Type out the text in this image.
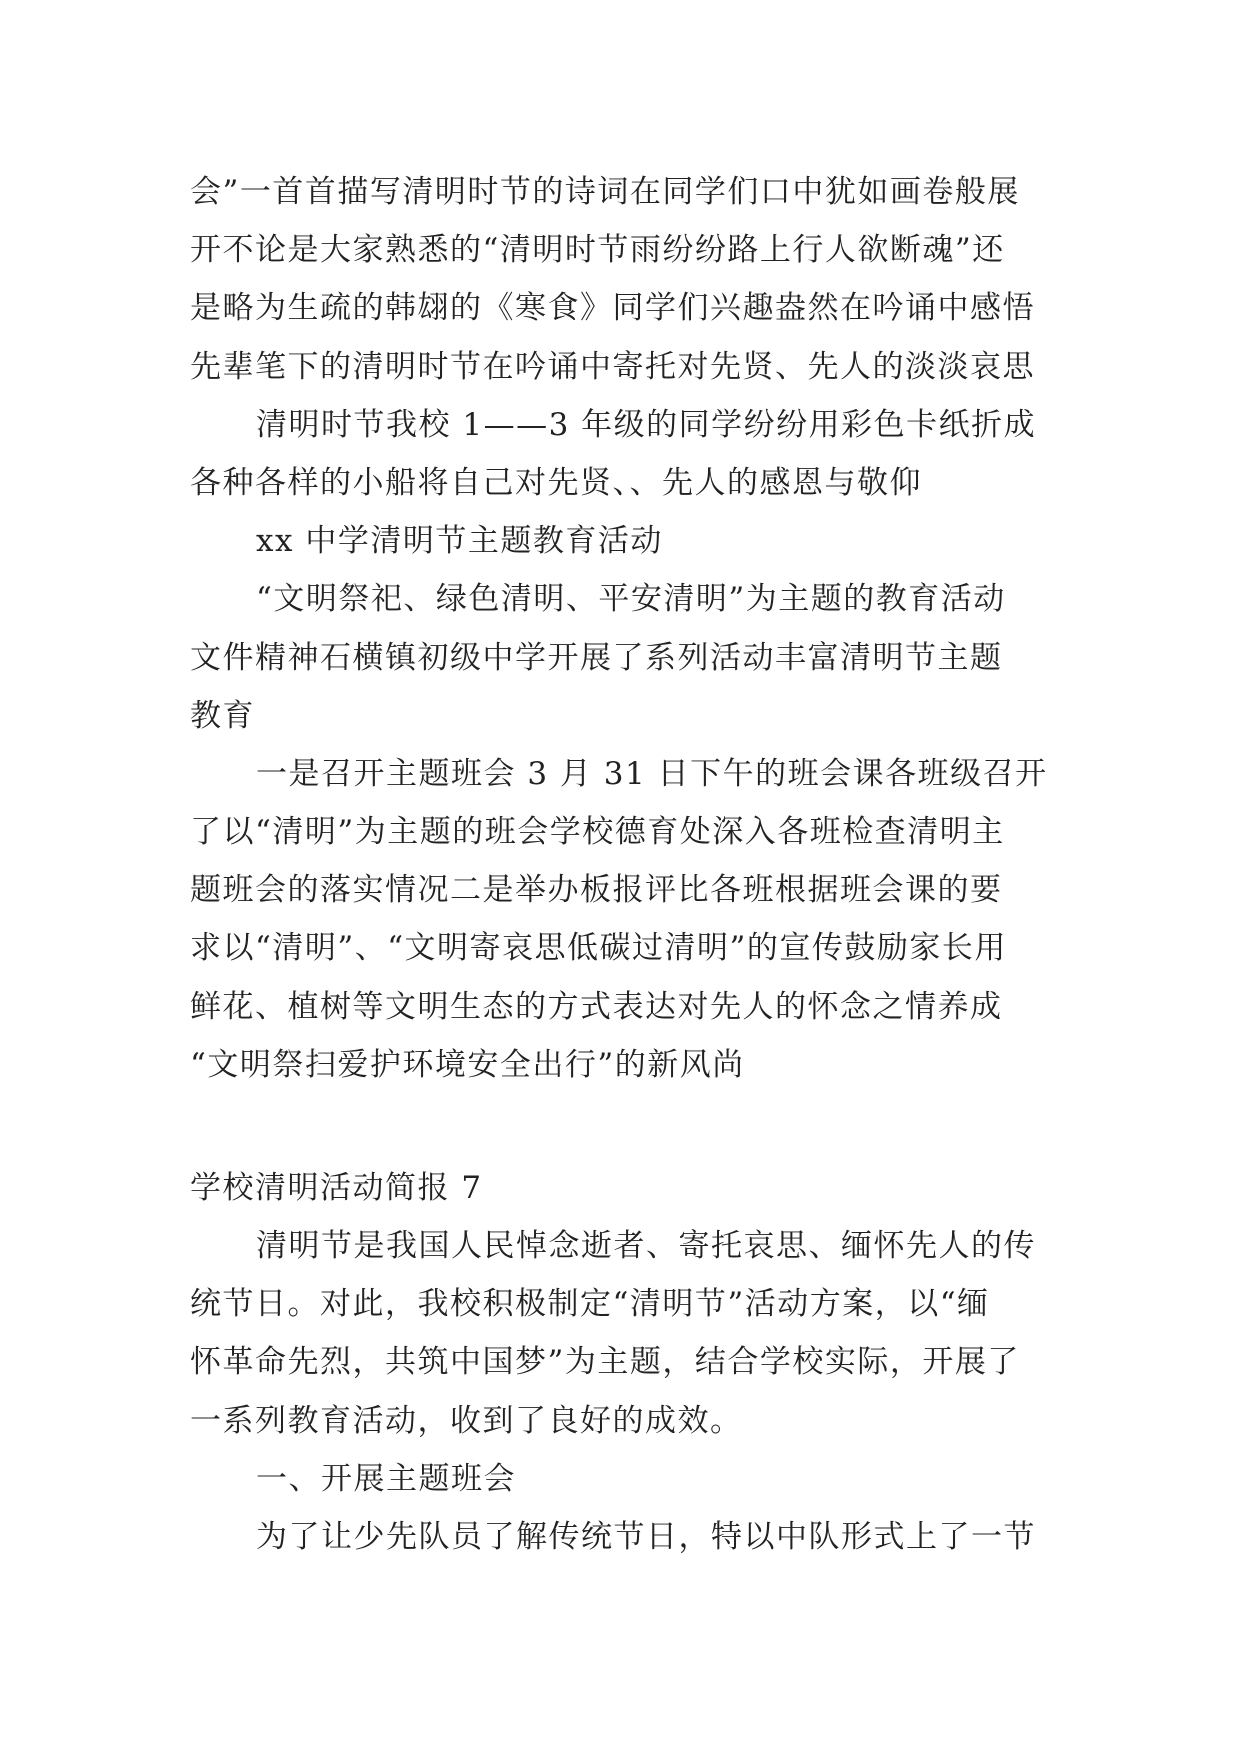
会”一首首描写清明时节的诗词在同学们口中犹如画卷般展
开不论是大家熟悉的“清明时节雨纷纷路上行人欲断魂”还
是略为生疏的韩翃的《寒食》同学们兴趣盎然在吟诵中感悟
先辈笔下的清明时节在吟诵中寄托对先贤、先人的淡淡哀思
清明时节我校 1——3 年级的同学纷纷用彩色卡纸折成
各种各样的小船将自己对先贤、、先人的感恩与敬仰
xx 中学清明节主题教育活动
“文明祭祀、绿色清明、平安清明”为主题的教育活动
文件精神石横镇初级中学开展了系列活动丰富清明节主题
教育
一是召开主题班会 3 月 31 日下午的班会课各班级召开
了以“清明”为主题的班会学校德育处深入各班检查清明主
题班会的落实情况二是举办板报评比各班根据班会课的要
求以“清明”、“文明寄哀思低碳过清明”的宣传鼓励家长用
鲜花、植树等文明生态的方式表达对先人的怀念之情养成
“文明祭扫爱护环境安全出行”的新风尚
学校清明活动简报 7
清明节是我国人民悼念逝者、寄托哀思、缅怀先人的传
统节日。对此，我校积极制定“清明节”活动方案，以“缅
怀革命先烈，共筑中国梦”为主题，结合学校实际，开展了
一系列教育活动，收到了良好的成效。
一、开展主题班会
为了让少先队员了解传统节日，特以中队形式上了一节
